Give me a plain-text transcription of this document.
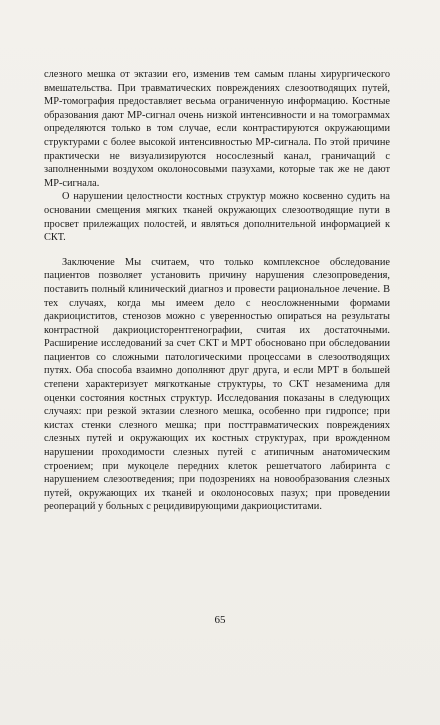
слезного мешка от эктазии его, изменив тем самым планы хирургического вмешательства. При травматических повреждениях слезоотводящих путей, МР-томография предоставляет весьма ограниченную информацию. Костные образования дают МР-сигнал очень низкой интенсивности и на томограммах определяются только в том случае, если контрастируются окружающими структурами с более высокой интенсивностью МР-сигнала. По этой причине практически не визуализируются носослезный канал, граничащий с заполненными воздухом околоносовыми пазухами, которые так же не дают МР-сигнала.

О нарушении целостности костных структур можно косвенно судить на основании смещения мягких тканей окружающих слезоотводящие пути в просвет прилежащих полостей, и являться дополнительной информацией к СКТ.

Заключение Мы считаем, что только комплексное обследование пациентов позволяет установить причину нарушения слезопроведения, поставить полный клинический диагноз и провести рациональное лечение. В тех случаях, когда мы имеем дело с неосложненными формами дакриоциститов, стенозов можно с уверенностью опираться на результаты контрастной дакриоцисторентгенографии, считая их достаточными. Расширение исследований за счет СКТ и МРТ обосновано при обследовании пациентов со сложными патологическими процессами в слезоотводящих путях. Оба способа взаимно дополняют друг друга, и если МРТ в большей степени характеризует мягкотканые структуры, то СКТ незаменима для оценки состояния костных структур. Исследования показаны в следующих случаях: при резкой эктазии слезного мешка, особенно при гидропсе; при кистах стенки слезного мешка; при посттравматических повреждениях слезных путей и окружающих их костных структурах, при врожденном нарушении проходимости слезных путей с атипичным анатомическим строением; при мукоцеле передних клеток решетчатого лабиринта с нарушением слезоотведения; при подозрениях на новообразования слезных путей, окружающих их тканей и околоносовых пазух; при проведении реопераций у больных с рецидивирующими дакриоциститами.

65
